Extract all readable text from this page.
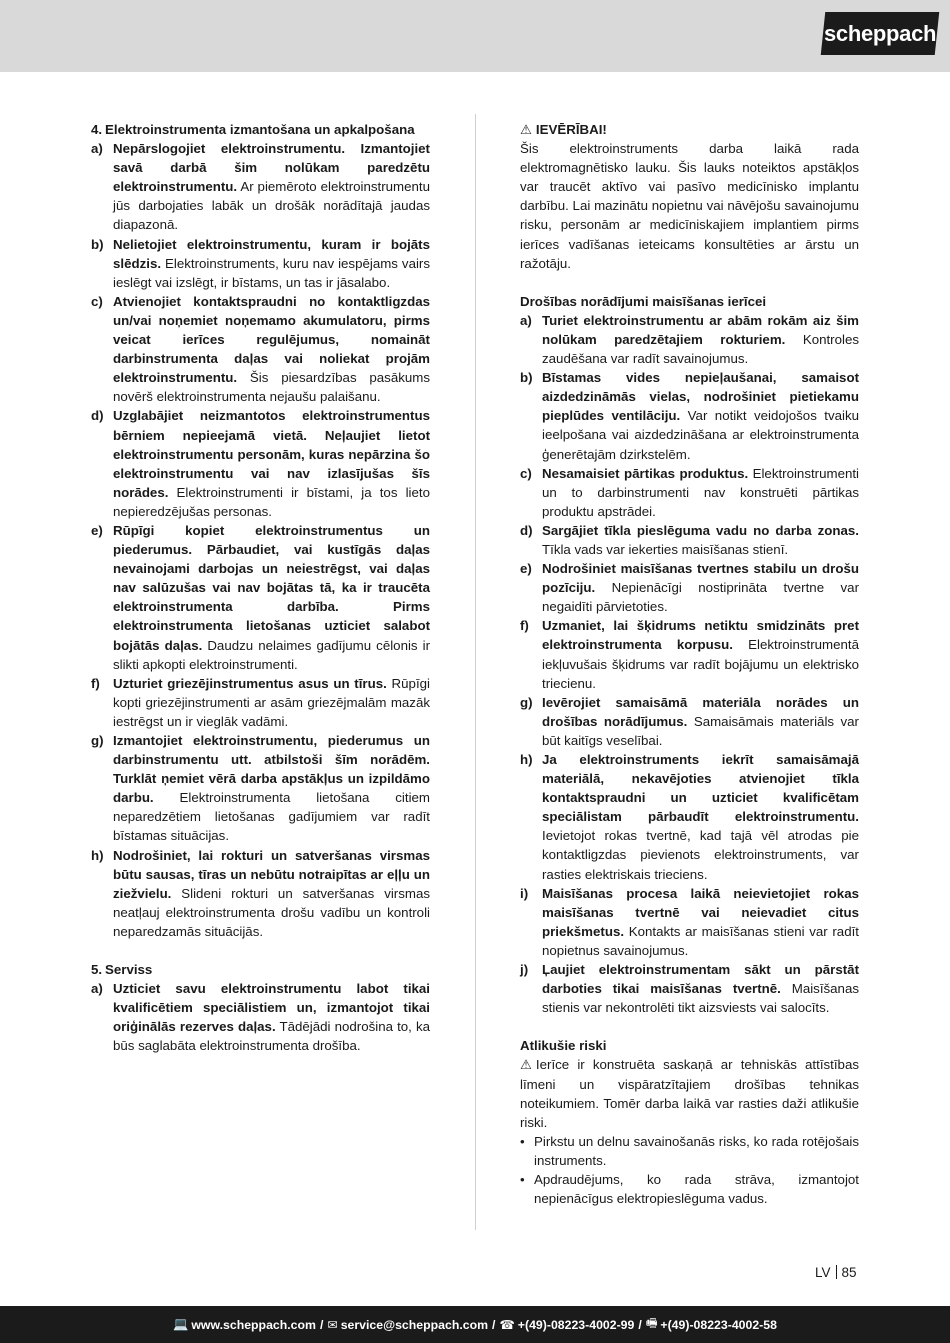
scheppach
4. Elektroinstrumenta izmantošana un apkalpošana
a) Nepārslogojiet elektroinstrumentu. Izmantojiet savā darbā šim nolūkam paredzētu elektroinstrumentu. Ar piemēroto elektroinstrumentu jūs darbojaties labāk un drošāk norādītajā jaudas diapazonā.
b) Nelietojiet elektroinstrumentu, kuram ir bojāts slēdzis. Elektroinstruments, kuru nav iespējams vairs ieslēgt vai izslēgt, ir bīstams, un tas ir jāsalabo.
c) Atvienojiet kontaktspraudni no kontaktligzdas un/vai noņemiet noņemamo akumulatoru, pirms veicat ierīces regulējumus, nomaināt darbinstrumenta daļas vai noliekat projām elektroinstrumentu. Šis piesardzības pasākums novērš elektroinstrumenta nejaušu palaišanu.
d) Uzglabājiet neizmantotos elektroinstrumentus bērniem nepieejamā vietā. Neļaujiet lietot elektroinstrumentu personām, kuras nepārzina šo elektroinstrumentu vai nav izlasījušas šīs norādes. Elektroinstrumenti ir bīstami, ja tos lieto nepieredzējušas personas.
e) Rūpīgi kopiet elektroinstrumentus un piederumus. Pārbaudiet, vai kustīgās daļas nevainojami darbojas un neiestrēgst, vai daļas nav salūzušas vai nav bojātas tā, ka ir traucēta elektroinstrumenta darbība. Pirms elektroinstrumenta lietošanas uzticiet salabot bojātās daļas. Daudzu nelaimes gadījumu cēlonis ir slikti apkopti elektroinstrumenti.
f) Uzturiet griezējinstrumentus asus un tīrus. Rūpīgi kopti griezējinstrumenti ar asām griezējmalām mazāk iestrēgst un ir vieglāk vadāmi.
g) Izmantojiet elektroinstrumentu, piederumus un darbinstrumentu utt. atbilstoši šīm norādēm. Turklāt ņemiet vērā darba apstākļus un izpildāmo darbu. Elektroinstrumenta lietošana citiem neparedzētiem lietošanas gadījumiem var radīt bīstamas situācijas.
h) Nodrošiniet, lai rokturi un satveršanas virsmas būtu sausas, tīras un nebūtu notraipītas ar eļļu un ziežvielu. Slideni rokturi un satveršanas virsmas neatļauj elektroinstrumenta drošu vadību un kontroli neparedzamās situācijās.
5. Serviss
a) Uzticiet savu elektroinstrumentu labot tikai kvalificētiem speciālistiem un, izmantojot tikai oriģinālās rezerves daļas. Tādējādi nodrošina to, ka būs saglabāta elektroinstrumenta drošība.
⚠ IEVĒRĪBAI!
Šis elektroinstruments darba laikā rada elektromagnētisko lauku. Šis lauks noteiktos apstākļos var traucēt aktīvo vai pasīvo medicīnisko implantu darbību. Lai mazinātu nopietnu vai nāvējošu savainojumu risku, personām ar medicīniskajiem implantiem pirms ierīces vadīšanas ieteicams konsultēties ar ārstu un ražotāju.
Drošības norādījumi maisīšanas ierīcei
a) Turiet elektroinstrumentu ar abām rokām aiz šim nolūkam paredzētajiem rokturiem. Kontroles zaudēšana var radīt savainojumus.
b) Bīstamas vides nepieļaušanai, samaisot aizdedzināmās vielas, nodrošiniet pietiekamu pieplūdes ventilāciju. Var notikt veidojošos tvaiku ieelpošana vai aizdedzināšana ar elektroinstrumenta ģenerētajām dzirkstelēm.
c) Nesamaisiet pārtikas produktus. Elektroinstrumenti un to darbinstrumenti nav konstruēti pārtikas produktu apstrādei.
d) Sargājiet tīkla pieslēguma vadu no darba zonas. Tīkla vads var iekerties maisīšanas stienī.
e) Nodrošiniet maisīšanas tvertnes stabilu un drošu pozīciju. Nepienācīgi nostiprināta tvertne var negaidīti pārvietoties.
f) Uzmaniet, lai šķidrums netiktu smidzināts pret elektroinstrumenta korpusu. Elektroinstrumentā iekļuvušais šķidrums var radīt bojājumu un elektrisko triecienu.
g) Ievērojiet samaisāmā materiāla norādes un drošības norādījumus. Samaisāmais materiāls var būt kaitīgs veselībai.
h) Ja elektroinstruments iekrīt samaisāmajā materiālā, nekavējoties atvienojiet tīkla kontaktspraudni un uzticiet kvalificētam speciālistam pārbaudīt elektroinstrumentu. Ievietojot rokas tvertnē, kad tajā vēl atrodas pie kontaktligzdas pievienots elektroinstruments, var rasties elektriskais trieciens.
i)	Maisīšanas procesa laikā neievietojiet rokas maisīšanas tvertnē vai neievadiet citus priekšmetus. Kontakts ar maisīšanas stieni var radīt nopietnus savainojumus.
j)	Ļaujiet elektroinstrumentam sākt un pārstāt darboties tikai maisīšanas tvertnē. Maisīšanas stienis var nekontrolēti tikt aizsviests vai salocīts.
Atlikušie riski
⚠ Ierīce ir konstruēta saskaņā ar tehniskās attīstības līmeni un vispāratzītajiem drošības tehnikas noteikumiem. Tomēr darba laikā var rasties daži atlikušie riski.
• Pirkstu un delnu savainošanās risks, ko rada rotējošais instruments.
• Apdraudējums, ko rada strāva, izmantojot nepienācīgus elektropieslēguma vadus.
LV 85
💻 www.scheppach.com / ✉ service@scheppach.com / ☎ +(49)-08223-4002-99 / 🖷 +(49)-08223-4002-58
